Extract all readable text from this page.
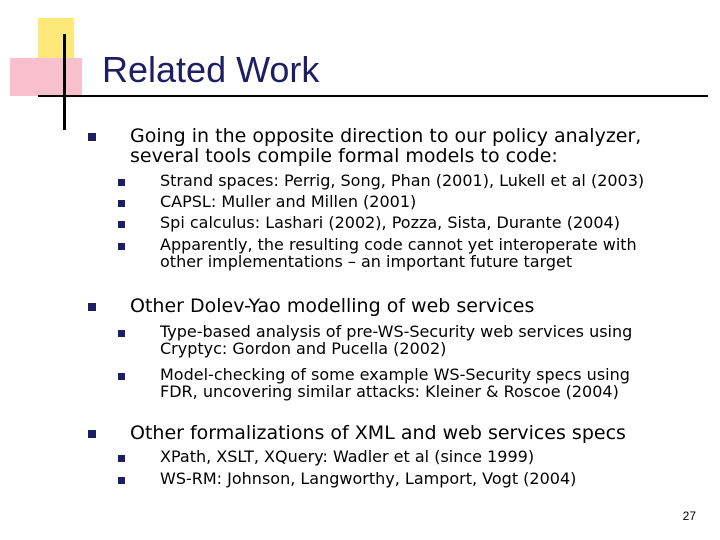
Related Work

Going in the opposite direction to our policy analyzer,

several tools compile formal models to code:

Strand spaces: Perrig, Song, Phan (2001), Lukell et al (2003)

CAPSL: Muller and Millen (2001)

Spi calculus: Lashari (2002), Pozza, Sista, Durante (2004)

Apparently, the resulting code cannot yet interoperate with

other implementations – an important future target

Other Dolev-Yao modelling of web services

Type-based analysis of pre-WS-Security web services using

Cryptyc: Gordon and Pucella (2002)

Model-checking of some example WS-Security specs using

FDR, uncovering similar attacks: Kleiner & Roscoe (2004)

Other formalizations of XML and web services specs

XPath, XSLT, XQuery: Wadler et al (since 1999)

WS-RM: Johnson, Langworthy, Lamport, Vogt (2004)

27
